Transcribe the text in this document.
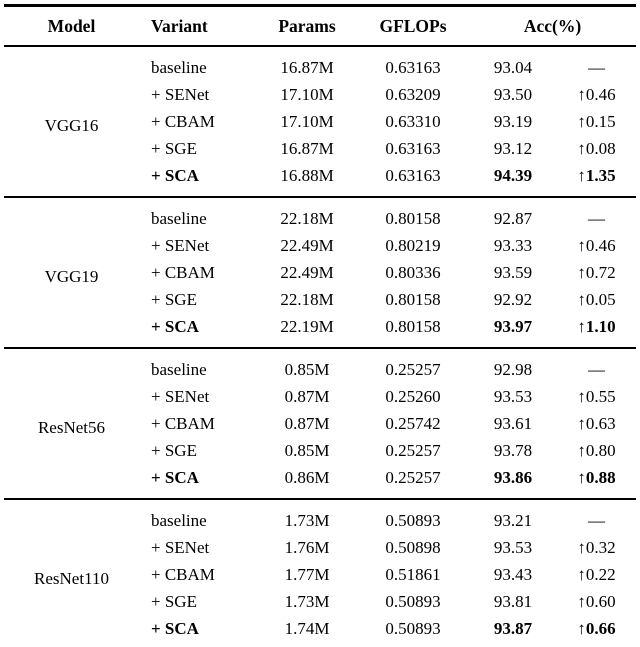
Model	Variant	Params	GFLOPs	Acc(%)	
VGG16	baseline	16.87M	0.63163	93.04	—
	+ SENet	17.10M	0.63209	93.50	↑0.46
	+ CBAM	17.10M	0.63310	93.19	↑0.15
	+ SGE	16.87M	0.63163	93.12	↑0.08
	+ SCA	16.88M	0.63163	94.39	↑1.35
VGG19	baseline	22.18M	0.80158	92.87	—
	+ SENet	22.49M	0.80219	93.33	↑0.46
	+ CBAM	22.49M	0.80336	93.59	↑0.72
	+ SGE	22.18M	0.80158	92.92	↑0.05
	+ SCA	22.19M	0.80158	93.97	↑1.10
ResNet56	baseline	0.85M	0.25257	92.98	—
	+ SENet	0.87M	0.25260	93.53	↑0.55
	+ CBAM	0.87M	0.25742	93.61	↑0.63
	+ SGE	0.85M	0.25257	93.78	↑0.80
	+ SCA	0.86M	0.25257	93.86	↑0.88
ResNet110	baseline	1.73M	0.50893	93.21	—
	+ SENet	1.76M	0.50898	93.53	↑0.32
	+ CBAM	1.77M	0.51861	93.43	↑0.22
	+ SGE	1.73M	0.50893	93.81	↑0.60
	+ SCA	1.74M	0.50893	93.87	↑0.66
